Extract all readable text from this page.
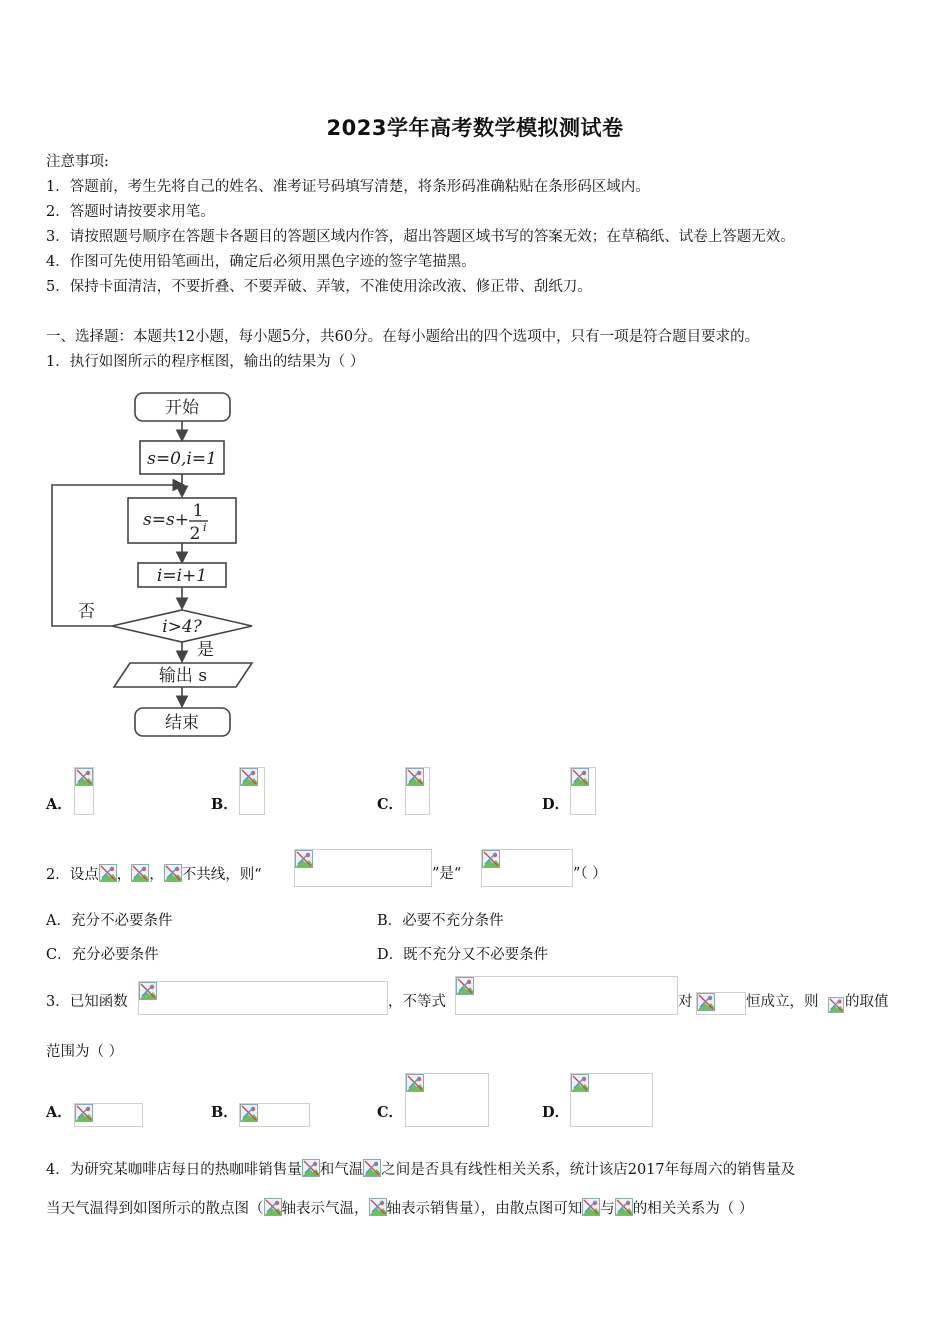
2023学年高考数学模拟测试卷
注意事项:
1．答题前，考生先将自己的姓名、准考证号码填写清楚，将条形码准确粘贴在条形码区域内。
2．答题时请按要求用笔。
3．请按照题号顺序在答题卡各题目的答题区域内作答，超出答题区域书写的答案无效；在草稿纸、试卷上答题无效。
4．作图可先使用铅笔画出，确定后必须用黑色字迹的签字笔描黑。
5．保持卡面清洁，不要折叠、不要弄破、弄皱，不准使用涂改液、修正带、刮纸刀。
一、选择题：本题共12小题，每小题5分，共60分。在每小题给出的四个选项中，只有一项是符合题目要求的。
1．执行如图所示的程序框图，输出的结果为（ ）
开始
s=0,i=1
s=s+ 1
2 i
i=i+1
i>4?
否
是
输出 s
结束
A．	B．	C．	D．
2．设点 ， ， 不共线，则“	”是“	”（ ）
A．充分不必要条件	B．必要不充分条件
C．充分必要条件	D．既不充分又不必要条件
3．已知函数	，不等式	对	恒成立，则 的取值
范围为（ ）
A．	B．	C．	D．
4．为研究某咖啡店每日的热咖啡销售量 和气温 之间是否具有线性相关关系，统计该店2017年每周六的销售量及
当天气温得到如图所示的散点图（ 轴表示气温， 轴表示销售量），由散点图可知 与 的相关关系为（ ）
